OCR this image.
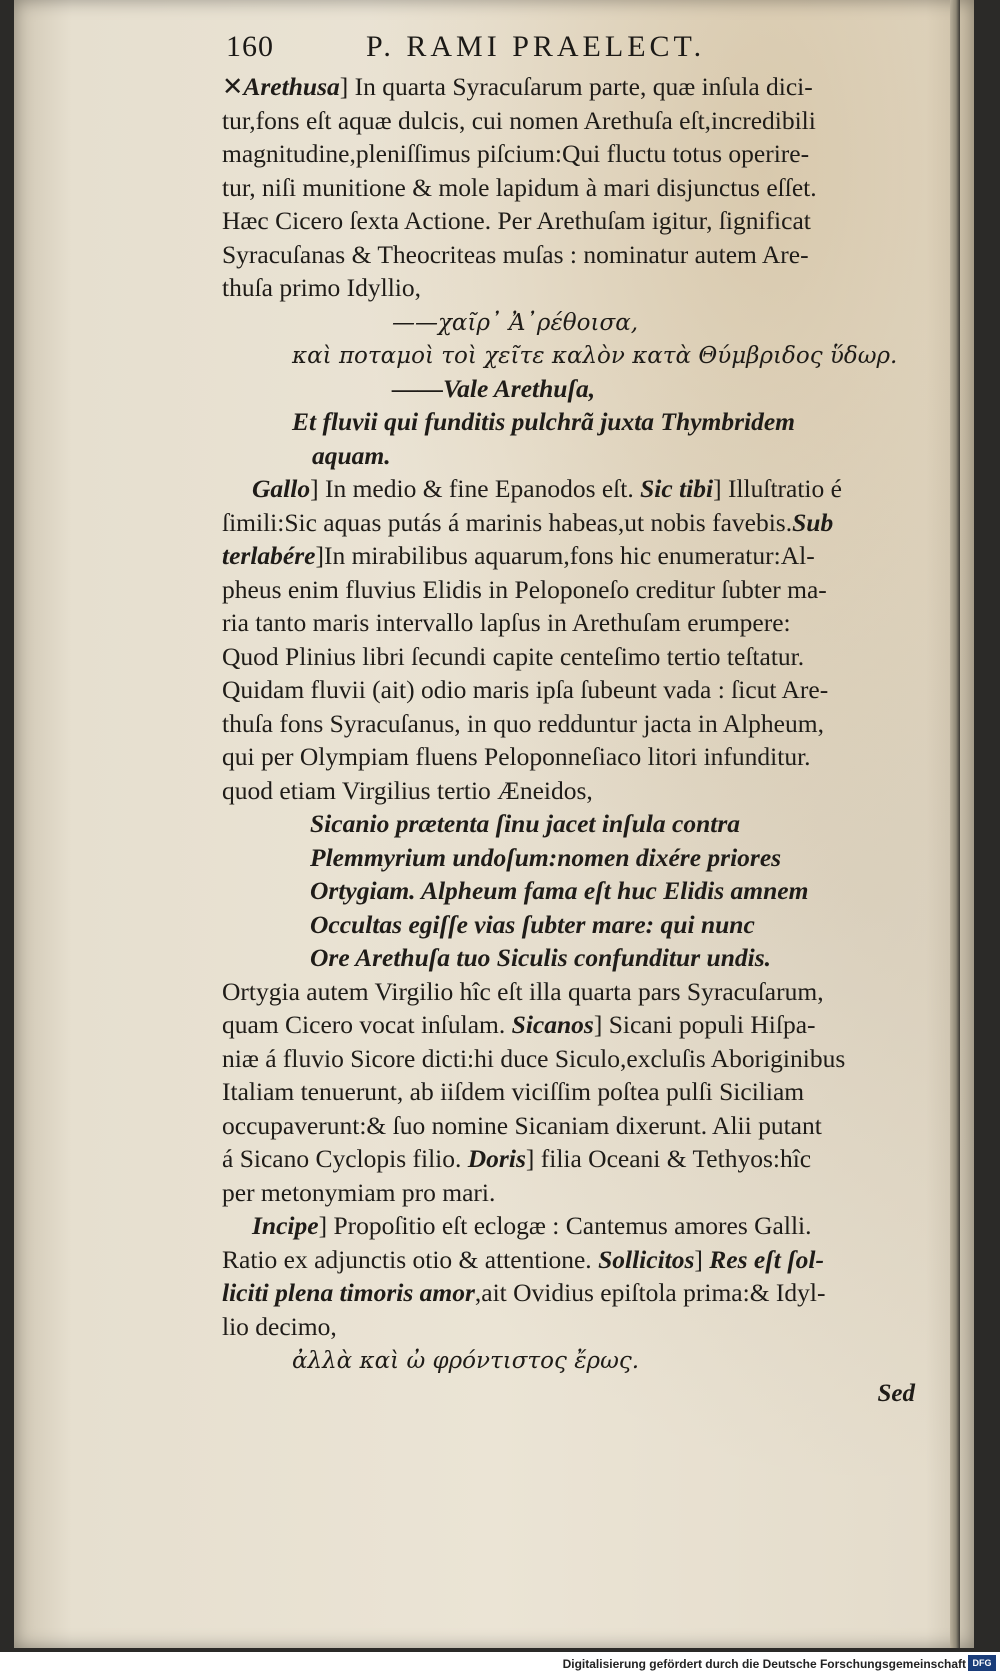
160	P. RAMI PRAELECT.
✕Arethusa] In quarta Syracuſarum parte, quæ inſula dici-
tur,fons eſt aquæ dulcis, cui nomen Arethuſa eſt,incredibili
magnitudine,pleniſſimus piſcium:Qui fluctu totus operire-
tur, niſi munitione & mole lapidum à mari disjunctus eſſet.
Hæc Cicero ſexta Actione. Per Arethuſam igitur, ſignificat
Syracuſanas & Theocriteas muſas : nominatur autem Are-
thuſa primo Idyllio,
——χαῖρ᾽ Ἀ᾽ρέθοισα,
καὶ ποταμοὶ τοὶ χεῖτε καλὸν κατὰ Θύμβριδος ὕδωρ.
——Vale Arethuſa,
Et fluvii qui funditis pulchrã juxta Thymbridem
aquam.
Gallo] In medio & fine Epanodos eſt. Sic tibi] Illuſtratio é
ſimili:Sic aquas putás á marinis habeas,ut nobis favebis.Sub
terlabére]In mirabilibus aquarum,fons hic enumeratur:Al-
pheus enim fluvius Elidis in Peloponeſo creditur ſubter ma-
ria tanto maris intervallo lapſus in Arethuſam erumpere:
Quod Plinius libri ſecundi capite centeſimo tertio teſtatur.
Quidam fluvii (ait) odio maris ipſa ſubeunt vada : ſicut Are-
thuſa fons Syracuſanus, in quo redduntur jacta in Alpheum,
qui per Olympiam fluens Peloponneſiaco litori infunditur.
quod etiam Virgilius tertio Æneidos,
Sicanio prætenta ſinu jacet inſula contra
Plemmyrium undoſum:nomen dixére priores
Ortygiam. Alpheum fama eſt huc Elidis amnem
Occultas egiſſe vias ſubter mare: qui nunc
Ore Arethuſa tuo Siculis confunditur undis.
Ortygia autem Virgilio hîc eſt illa quarta pars Syracuſarum,
quam Cicero vocat inſulam. Sicanos] Sicani populi Hiſpa-
niæ á fluvio Sicore dicti:hi duce Siculo,excluſis Aboriginibus
Italiam tenuerunt, ab iiſdem viciſſim poſtea pulſi Siciliam
occupaverunt:& ſuo nomine Sicaniam dixerunt. Alii putant
á Sicano Cyclopis filio. Doris] filia Oceani & Tethyos:hîc
per metonymiam pro mari.
Incipe] Propoſitio eſt eclogæ : Cantemus amores Galli.
Ratio ex adjunctis otio & attentione. Sollicitos] Res eſt ſol-
liciti plena timoris amor,ait Ovidius epiſtola prima:& Idyl-
lio decimo,
ἀλλὰ καὶ ὠ φρόντιστος ἔρως.
Sed
Digitalisierung gefördert durch die Deutsche Forschungsgemeinschaft DFG
